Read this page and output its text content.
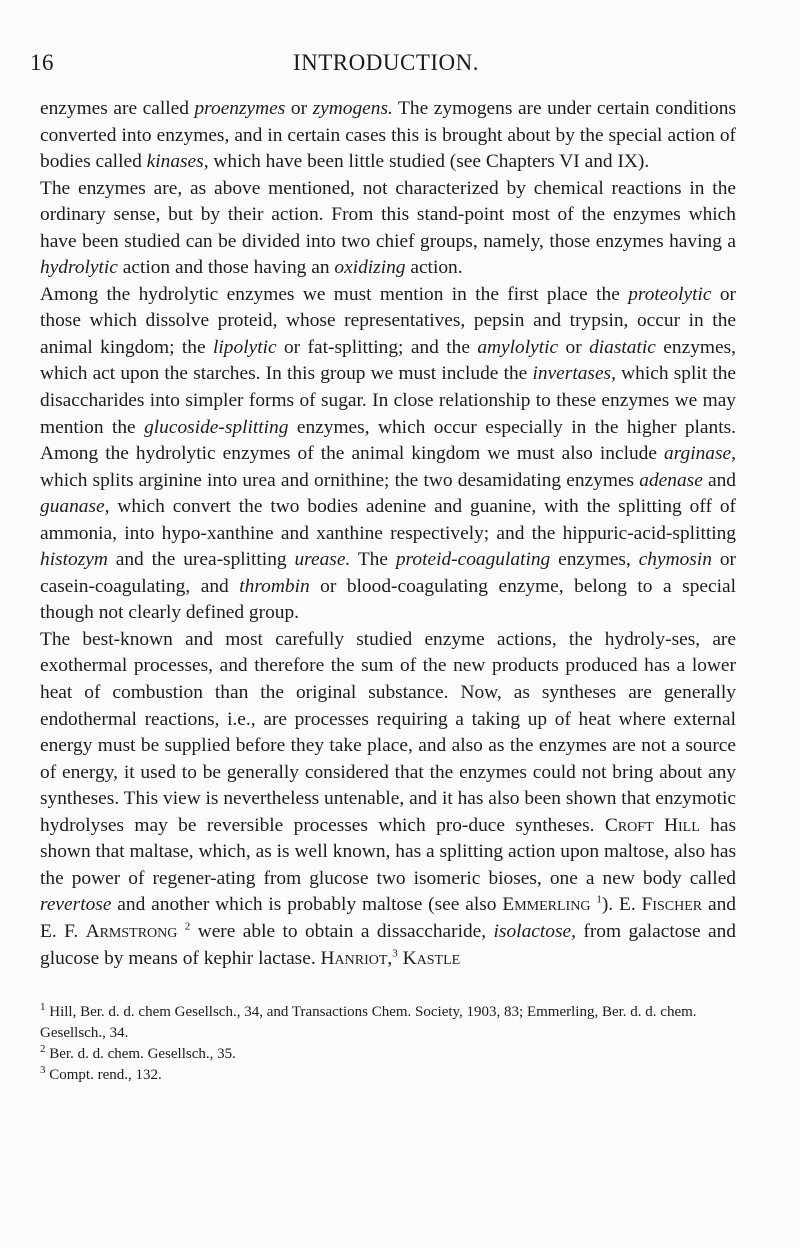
16	INTRODUCTION.

enzymes are called proenzymes or zymogens. The zymogens are under certain conditions converted into enzymes, and in certain cases this is brought about by the special action of bodies called kinases, which have been little studied (see Chapters VI and IX).

The enzymes are, as above mentioned, not characterized by chemical reactions in the ordinary sense, but by their action. From this stand-point most of the enzymes which have been studied can be divided into two chief groups, namely, those enzymes having a hydrolytic action and those having an oxidizing action.

Among the hydrolytic enzymes we must mention in the first place the proteolytic or those which dissolve proteid, whose representatives, pepsin and trypsin, occur in the animal kingdom; the lipolytic or fat-splitting; and the amylolytic or diastatic enzymes, which act upon the starches. In this group we must include the invertases, which split the disaccharides into simpler forms of sugar. In close relationship to these enzymes we may mention the glucoside-splitting enzymes, which occur especially in the higher plants. Among the hydrolytic enzymes of the animal kingdom we must also include arginase, which splits arginine into urea and ornithine; the two desamidating enzymes adenase and guanase, which convert the two bodies adenine and guanine, with the splitting off of ammonia, into hypo-xanthine and xanthine respectively; and the hippuric-acid-splitting histozym and the urea-splitting urease. The proteid-coagulating enzymes, chymosin or casein-coagulating, and thrombin or blood-coagulating enzyme, belong to a special though not clearly defined group.

The best-known and most carefully studied enzyme actions, the hydroly-ses, are exothermal processes, and therefore the sum of the new products produced has a lower heat of combustion than the original substance. Now, as syntheses are generally endothermal reactions, i.e., are processes requiring a taking up of heat where external energy must be supplied before they take place, and also as the enzymes are not a source of energy, it used to be generally considered that the enzymes could not bring about any syntheses. This view is nevertheless untenable, and it has also been shown that enzymotic hydrolyses may be reversible processes which pro-duce syntheses. Croft Hill has shown that maltase, which, as is well known, has a splitting action upon maltose, also has the power of regener-ating from glucose two isomeric bioses, one a new body called revertose and another which is probably maltose (see also Emmerling $^1$). E. Fischer and E. F. Armstrong $^2$ were able to obtain a dissaccharide, isolactose, from galactose and glucose by means of kephir lactase. Hanriot,$^3$ Kastle

$^1$ Hill, Ber. d. d. chem Gesellsch., 34, and Transactions Chem. Society, 1903, 83; Emmerling, Ber. d. d. chem. Gesellsch., 34.

$^2$ Ber. d. d. chem. Gesellsch., 35.

$^3$ Compt. rend., 132.
